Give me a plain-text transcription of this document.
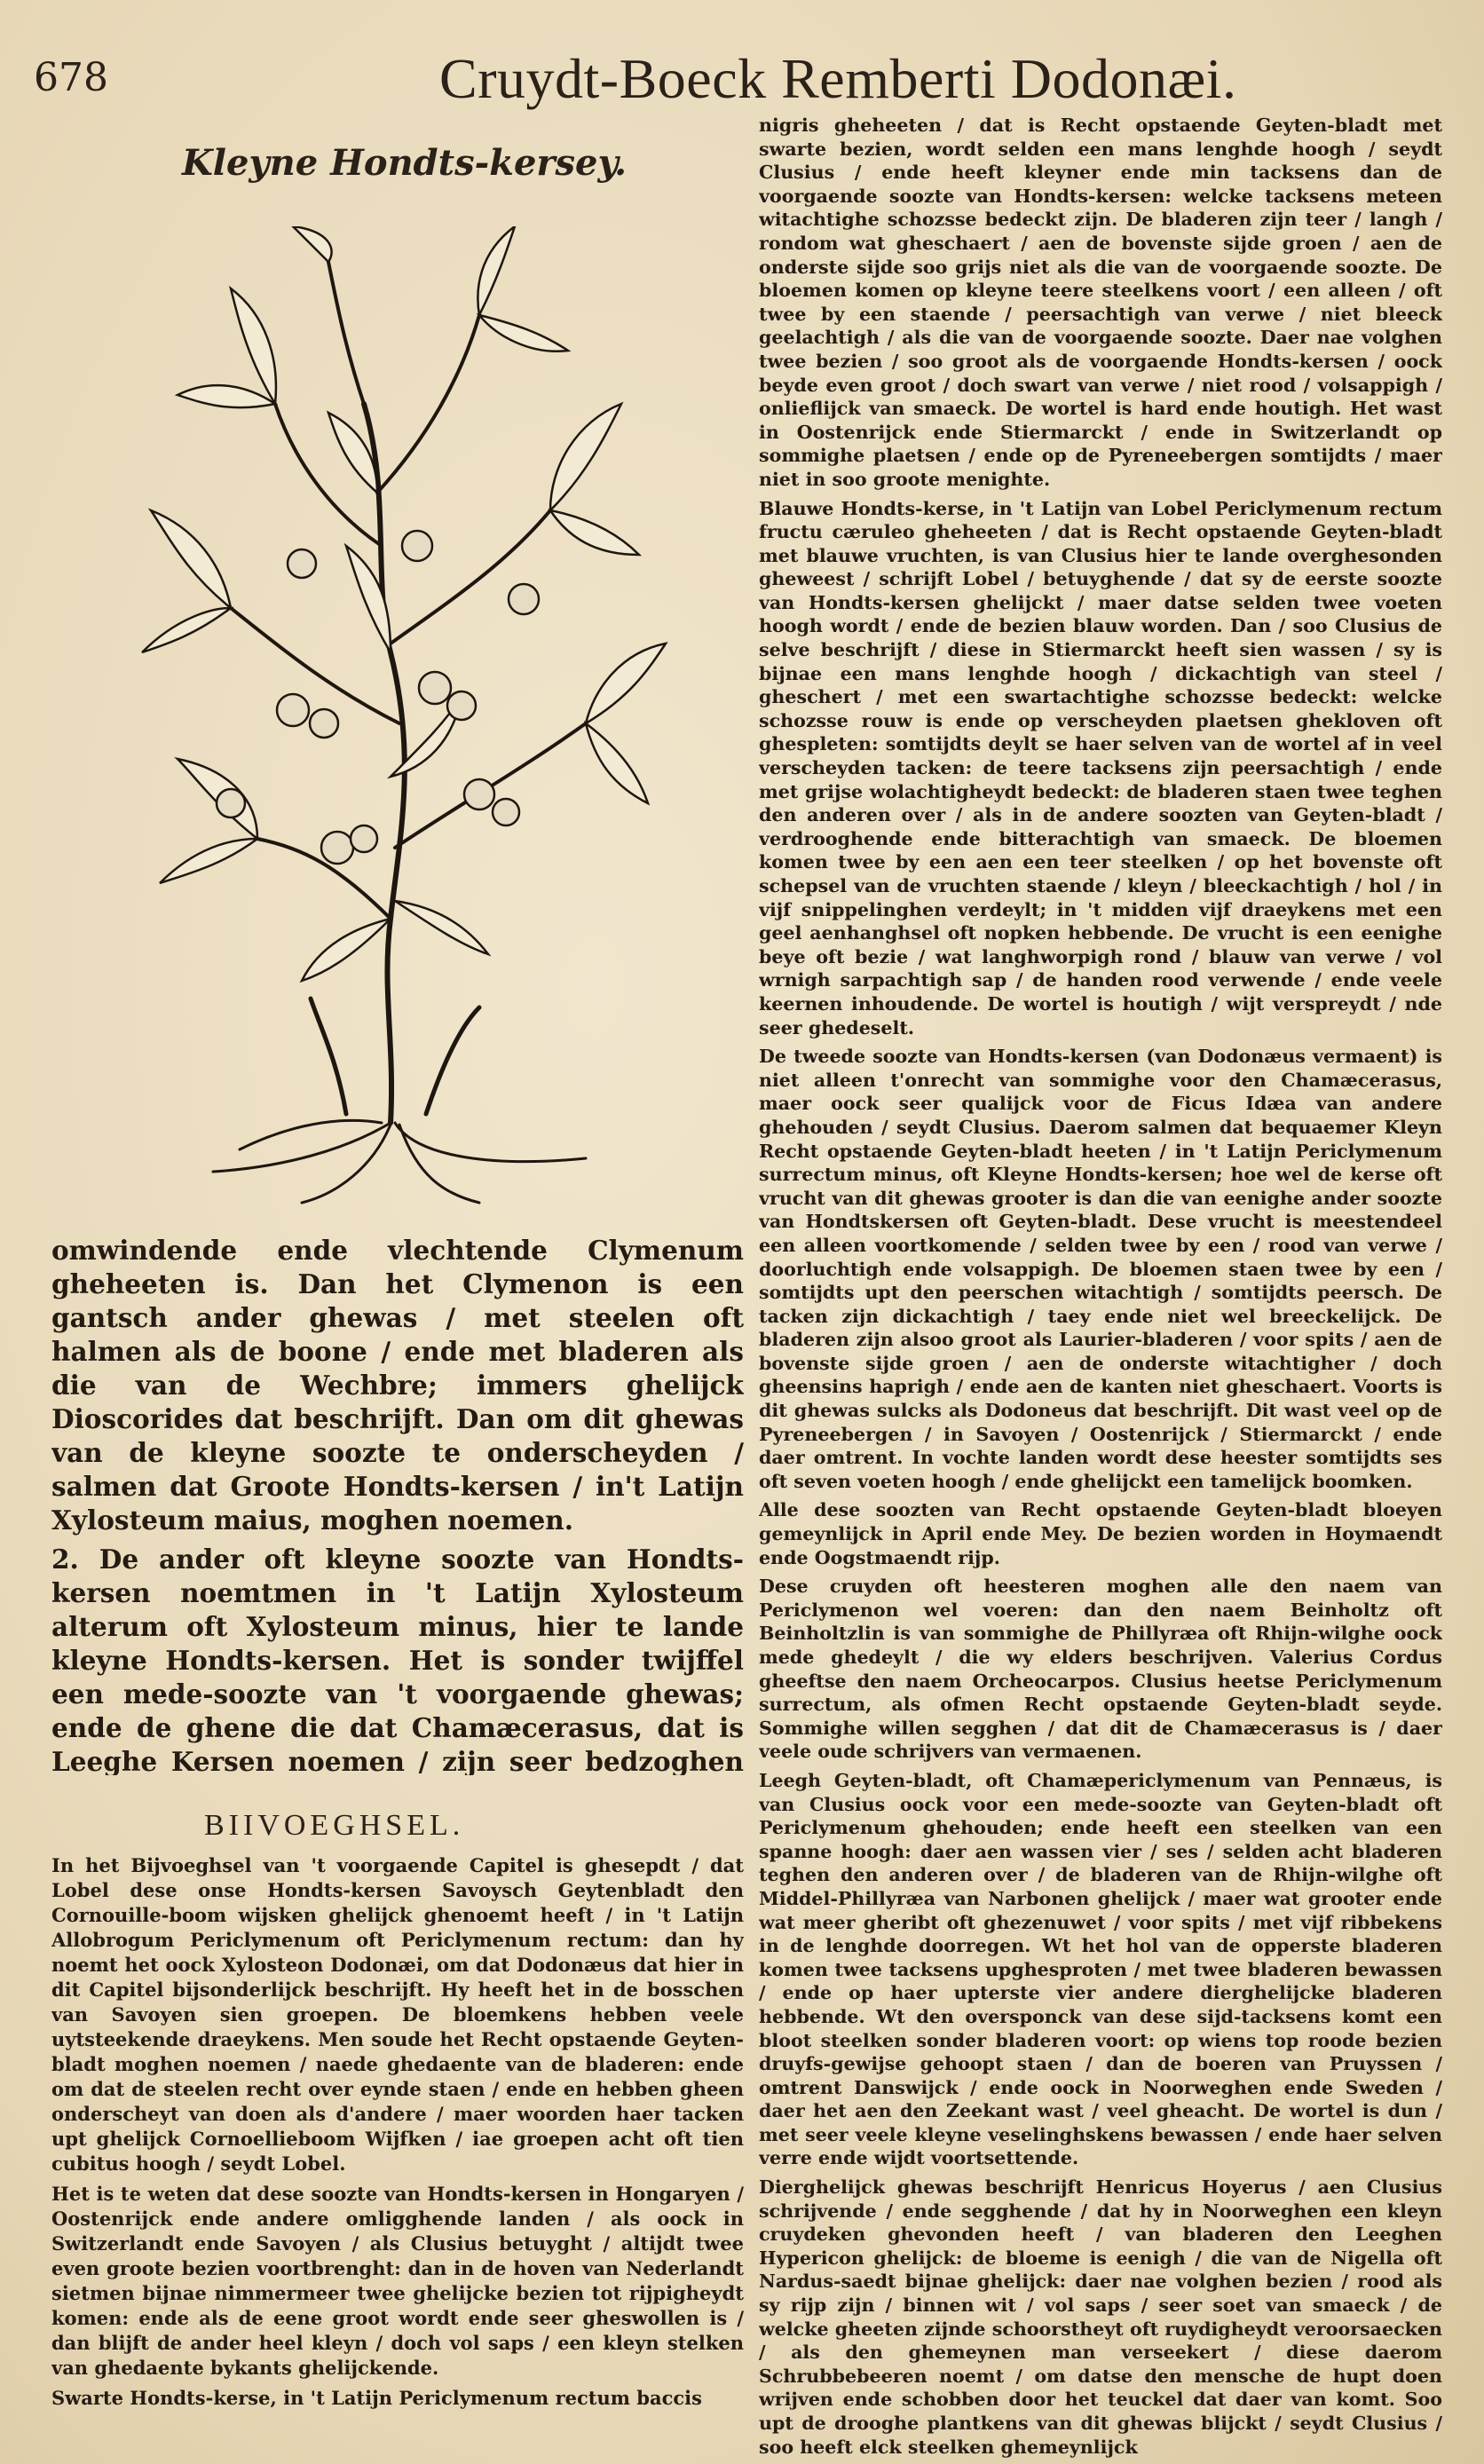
678	Cruydt-Boeck Remberti Dodonæi.
Kleyne Hondts-kersey.

omwindende ende vlechtende Clymenum gheheeten is. Dan het Clymenon is een gantsch ander ghewas / met steelen oft halmen als de boone / ende met bladeren als die van de Wechbre; immers ghelijck Dioscorides dat beschrijft. Dan om dit ghewas van de kleyne soozte te onderscheyden / salmen dat Groote Hondts-kersen / in't Latijn Xylosteum maius, moghen noemen.

2. De ander oft kleyne soozte van Hondts-kersen noemtmen in 't Latijn Xylosteum alterum oft Xylosteum minus, hier te lande kleyne Hondts-kersen. Het is sonder twijffel een mede-soozte van 't voorgaende ghewas; ende de ghene die dat Chamæcerasus, dat is Leeghe Kersen noemen / zijn seer bedzoghen

BIIVOEGHSEL.

In het Bijvoeghsel van 't voorgaende Capitel is ghesepdt / dat Lobel dese onse Hondts-kersen Savoysch Geytenbladt den Cornouille-boom wijsken ghelijck ghenoemt heeft / in 't Latijn Allobrogum Periclymenum oft Periclymenum rectum: dan hy noemt het oock Xylosteon Dodonæi, om dat Dodonæus dat hier in dit Capitel bijsonderlijck beschrijft. Hy heeft het in de bosschen van Savoyen sien groepen. De bloemkens hebben veele uytsteekende draeykens. Men soude het Recht opstaende Geyten-bladt moghen noemen / naede ghedaente van de bladeren: ende om dat de steelen recht over eynde staen / ende en hebben gheen onderscheyt van doen als d'andere / maer woorden haer tacken upt ghelijck Cornoellieboom Wijfken / iae groepen acht oft tien cubitus hoogh / seydt Lobel.

Het is te weten dat dese soozte van Hondts-kersen in Hongaryen / Oostenrijck ende andere omligghende landen / als oock in Switzerlandt ende Savoyen / als Clusius betuyght / altijdt twee even groote bezien voortbrenght: dan in de hoven van Nederlandt sietmen bijnae nimmermeer twee ghelijcke bezien tot rijpigheydt komen: ende als de eene groot wordt ende seer gheswollen is / dan blijft de ander heel kleyn / doch vol saps / een kleyn stelken van ghedaente bykants ghelijckende.

Swarte Hondts-kerse, in 't Latijn Periclymenum rectum baccis

nigris gheheeten / dat is Recht opstaende Geyten-bladt met swarte bezien, wordt selden een mans lenghde hoogh / seydt Clusius / ende heeft kleyner ende min tacksens dan de voorgaende soozte van Hondts-kersen: welcke tacksens meteen witachtighe schozsse bedeckt zijn. De bladeren zijn teer / langh / rondom wat gheschaert / aen de bovenste sijde groen / aen de onderste sijde soo grijs niet als die van de voorgaende soozte. De bloemen komen op kleyne teere steelkens voort / een alleen / oft twee by een staende / peersachtigh van verwe / niet bleeck geelachtigh / als die van de voorgaende soozte. Daer nae volghen twee bezien / soo groot als de voorgaende Hondts-kersen / oock beyde even groot / doch swart van verwe / niet rood / volsappigh / onlieflijck van smaeck. De wortel is hard ende houtigh. Het wast in Oostenrijck ende Stiermarckt / ende in Switzerlandt op sommighe plaetsen / ende op de Pyreneebergen somtijdts / maer niet in soo groote menighte.

Blauwe Hondts-kerse, in 't Latijn van Lobel Periclymenum rectum fructu cæruleo gheheeten / dat is Recht opstaende Geyten-bladt met blauwe vruchten, is van Clusius hier te lande overghesonden gheweest / schrijft Lobel / betuyghende / dat sy de eerste soozte van Hondts-kersen ghelijckt / maer datse selden twee voeten hoogh wordt / ende de bezien blauw worden. Dan / soo Clusius de selve beschrijft / diese in Stiermarckt heeft sien wassen / sy is bijnae een mans lenghde hoogh / dickachtigh van steel / gheschert / met een swartachtighe schozsse bedeckt: welcke schozsse rouw is ende op verscheyden plaetsen ghekloven oft ghespleten: somtijdts deylt se haer selven van de wortel af in veel verscheyden tacken: de teere tacksens zijn peersachtigh / ende met grijse wolachtigheydt bedeckt: de bladeren staen twee teghen den anderen over / als in de andere soozten van Geyten-bladt / verdrooghende ende bitterachtigh van smaeck. De bloemen komen twee by een aen een teer steelken / op het bovenste oft schepsel van de vruchten staende / kleyn / bleeckachtigh / hol / in vijf snippelinghen verdeylt; in 't midden vijf draeykens met een geel aenhanghsel oft nopken hebbende. De vrucht is een eenighe beye oft bezie / wat langhworpigh rond / blauw van verwe / vol wrnigh sarpachtigh sap / de handen rood verwende / ende veele keernen inhoudende. De wortel is houtigh / wijt verspreydt / nde seer ghedeselt.

De tweede soozte van Hondts-kersen (van Dodonæus vermaent) is niet alleen t'onrecht van sommighe voor den Chamæcerasus, maer oock seer qualijck voor de Ficus Idæa van andere ghehouden / seydt Clusius. Daerom salmen dat bequaemer Kleyn Recht opstaende Geyten-bladt heeten / in 't Latijn Periclymenum surrectum minus, oft Kleyne Hondts-kersen; hoe wel de kerse oft vrucht van dit ghewas grooter is dan die van eenighe ander soozte van Hondtskersen oft Geyten-bladt. Dese vrucht is meestendeel een alleen voortkomende / selden twee by een / rood van verwe / doorluchtigh ende volsappigh. De bloemen staen twee by een / somtijdts upt den peerschen witachtigh / somtijdts peersch. De tacken zijn dickachtigh / taey ende niet wel breeckelijck. De bladeren zijn alsoo groot als Laurier-bladeren / voor spits / aen de bovenste sijde groen / aen de onderste witachtigher / doch gheensins haprigh / ende aen de kanten niet gheschaert. Voorts is dit ghewas sulcks als Dodoneus dat beschrijft. Dit wast veel op de Pyreneebergen / in Savoyen / Oostenrijck / Stiermarckt / ende daer omtrent. In vochte landen wordt dese heester somtijdts ses oft seven voeten hoogh / ende ghelijckt een tamelijck boomken.

Alle dese soozten van Recht opstaende Geyten-bladt bloeyen gemeynlijck in April ende Mey. De bezien worden in Hoymaendt ende Oogstmaendt rijp.

Dese cruyden oft heesteren moghen alle den naem van Periclymenon wel voeren: dan den naem Beinholtz oft Beinholtzlin is van sommighe de Phillyræa oft Rhijn-wilghe oock mede ghedeylt / die wy elders beschrijven. Valerius Cordus gheeftse den naem Orcheocarpos. Clusius heetse Periclymenum surrectum, als ofmen Recht opstaende Geyten-bladt seyde. Sommighe willen segghen / dat dit de Chamæcerasus is / daer veele oude schrijvers van vermaenen.

Leegh Geyten-bladt, oft Chamæpericlymenum van Pennæus, is van Clusius oock voor een mede-soozte van Geyten-bladt oft Periclymenum ghehouden; ende heeft een steelken van een spanne hoogh: daer aen wassen vier / ses / selden acht bladeren teghen den anderen over / de bladeren van de Rhijn-wilghe oft Middel-Phillyræa van Narbonen ghelijck / maer wat grooter ende wat meer gheribt oft ghezenuwet / voor spits / met vijf ribbekens in de lenghde doorregen. Wt het hol van de opperste bladeren komen twee tacksens upghesproten / met twee bladeren bewassen / ende op haer upterste vier andere dierghelijcke bladeren hebbende. Wt den oversponck van dese sijd-tacksens komt een bloot steelken sonder bladeren voort: op wiens top roode bezien druyfs-gewijse gehoopt staen / dan de boeren van Pruyssen / omtrent Danswijck / ende oock in Noorweghen ende Sweden / daer het aen den Zeekant wast / veel gheacht. De wortel is dun / met seer veele kleyne veselinghskens bewassen / ende haer selven verre ende wijdt voortsettende.

Dierghelijck ghewas beschrijft Henricus Hoyerus / aen Clusius schrijvende / ende segghende / dat hy in Noorweghen een kleyn cruydeken ghevonden heeft / van bladeren den Leeghen Hypericon ghelijck: de bloeme is eenigh / die van de Nigella oft Nardus-saedt bijnae ghelijck: daer nae volghen bezien / rood als sy rijp zijn / binnen wit / vol saps / seer soet van smaeck / de welcke gheeten zijnde schoorstheyt oft ruydigheydt veroorsaecken / als den ghemeynen man verseekert / diese daerom Schrubbebeeren noemt / om datse den mensche de hupt doen wrijven ende schobben door het teuckel dat daer van komt. Soo upt de drooghe plantkens van dit ghewas blijckt / seydt Clusius / soo heeft elck steelken ghemeynlijck
